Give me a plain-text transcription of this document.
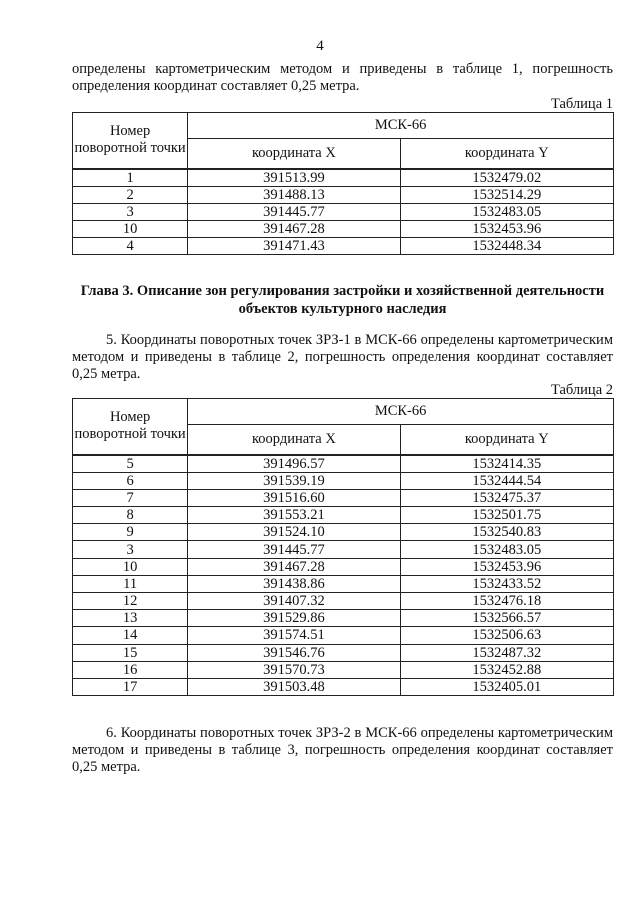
4
определены картометрическим методом и приведены в таблице 1, погрешность определения координат составляет 0,25 метра.
Таблица 1
Номер поворотной точки	МСК-66	
	координата X	координата Y
1	391513.99	1532479.02
2	391488.13	1532514.29
3	391445.77	1532483.05
10	391467.28	1532453.96
4	391471.43	1532448.34
Глава 3. Описание зон регулирования застройки и хозяйственной деятельности объектов культурного наследия
5. Координаты поворотных точек ЗРЗ-1 в МСК-66 определены картометрическим методом и приведены в таблице 2, погрешность определения координат составляет 0,25 метра.
Таблица 2
Номер поворотной точки	МСК-66	
	координата X	координата Y
5	391496.57	1532414.35
6	391539.19	1532444.54
7	391516.60	1532475.37
8	391553.21	1532501.75
9	391524.10	1532540.83
3	391445.77	1532483.05
10	391467.28	1532453.96
11	391438.86	1532433.52
12	391407.32	1532476.18
13	391529.86	1532566.57
14	391574.51	1532506.63
15	391546.76	1532487.32
16	391570.73	1532452.88
17	391503.48	1532405.01
6. Координаты поворотных точек ЗРЗ-2 в МСК-66 определены картометрическим методом и приведены в таблице 3, погрешность определения координат составляет 0,25 метра.
